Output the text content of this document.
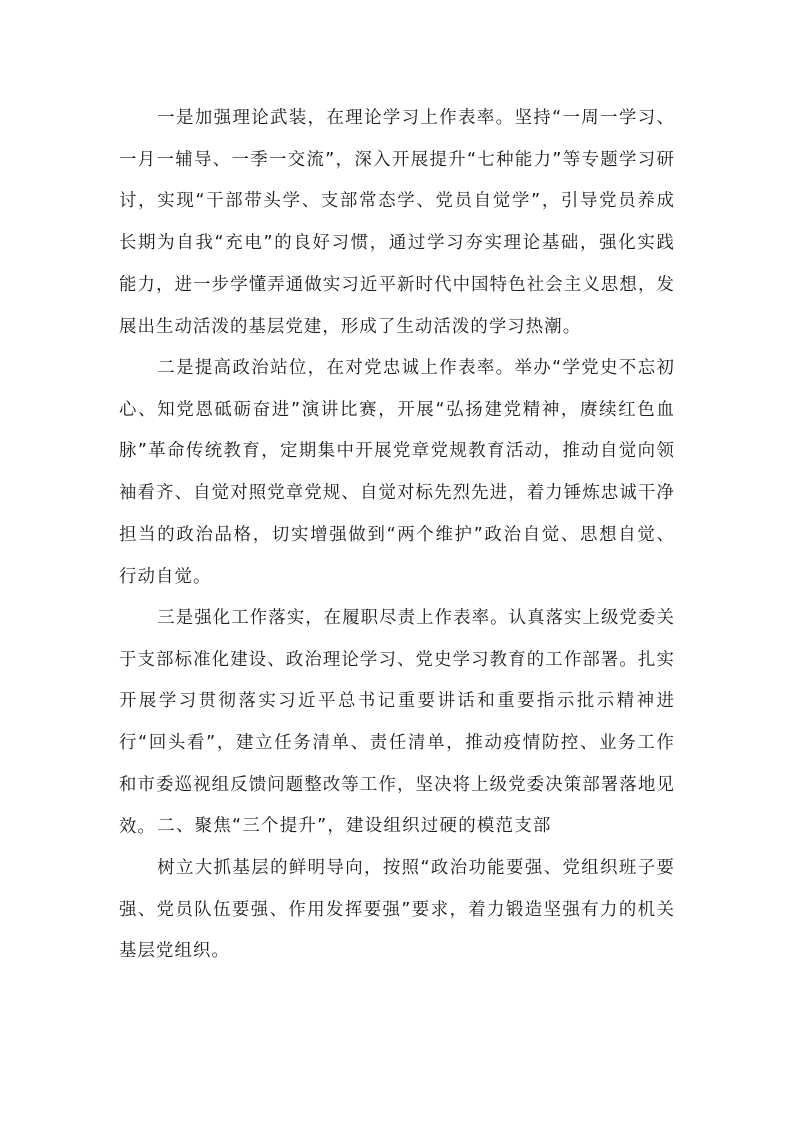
一是加强理论武装，在理论学习上作表率。坚持“一周一学习、一月一辅导、一季一交流”，深入开展提升“七种能力”等专题学习研讨，实现“干部带头学、支部常态学、党员自觉学”，引导党员养成长期为自我“充电”的良好习惯，通过学习夯实理论基础，强化实践能力，进一步学懂弄通做实习近平新时代中国特色社会主义思想，发展出生动活泼的基层党建，形成了生动活泼的学习热潮。

二是提高政治站位，在对党忠诚上作表率。举办“学党史不忘初心、知党恩砥砺奋进”演讲比赛，开展“弘扬建党精神，赓续红色血脉”革命传统教育，定期集中开展党章党规教育活动，推动自觉向领袖看齐、自觉对照党章党规、自觉对标先烈先进，着力锤炼忠诚干净担当的政治品格，切实增强做到“两个维护”政治自觉、思想自觉、行动自觉。

三是强化工作落实，在履职尽责上作表率。认真落实上级党委关于支部标准化建设、政治理论学习、党史学习教育的工作部署。扎实开展学习贯彻落实习近平总书记重要讲话和重要指示批示精神进行“回头看”，建立任务清单、责任清单，推动疫情防控、业务工作和市委巡视组反馈问题整改等工作，坚决将上级党委决策部署落地见效。 二、聚焦“三个提升”，建设组织过硬的模范支部

树立大抓基层的鲜明导向，按照“政治功能要强、党组织班子要强、党员队伍要强、作用发挥要强”要求，着力锻造坚强有力的机关基层党组织。
